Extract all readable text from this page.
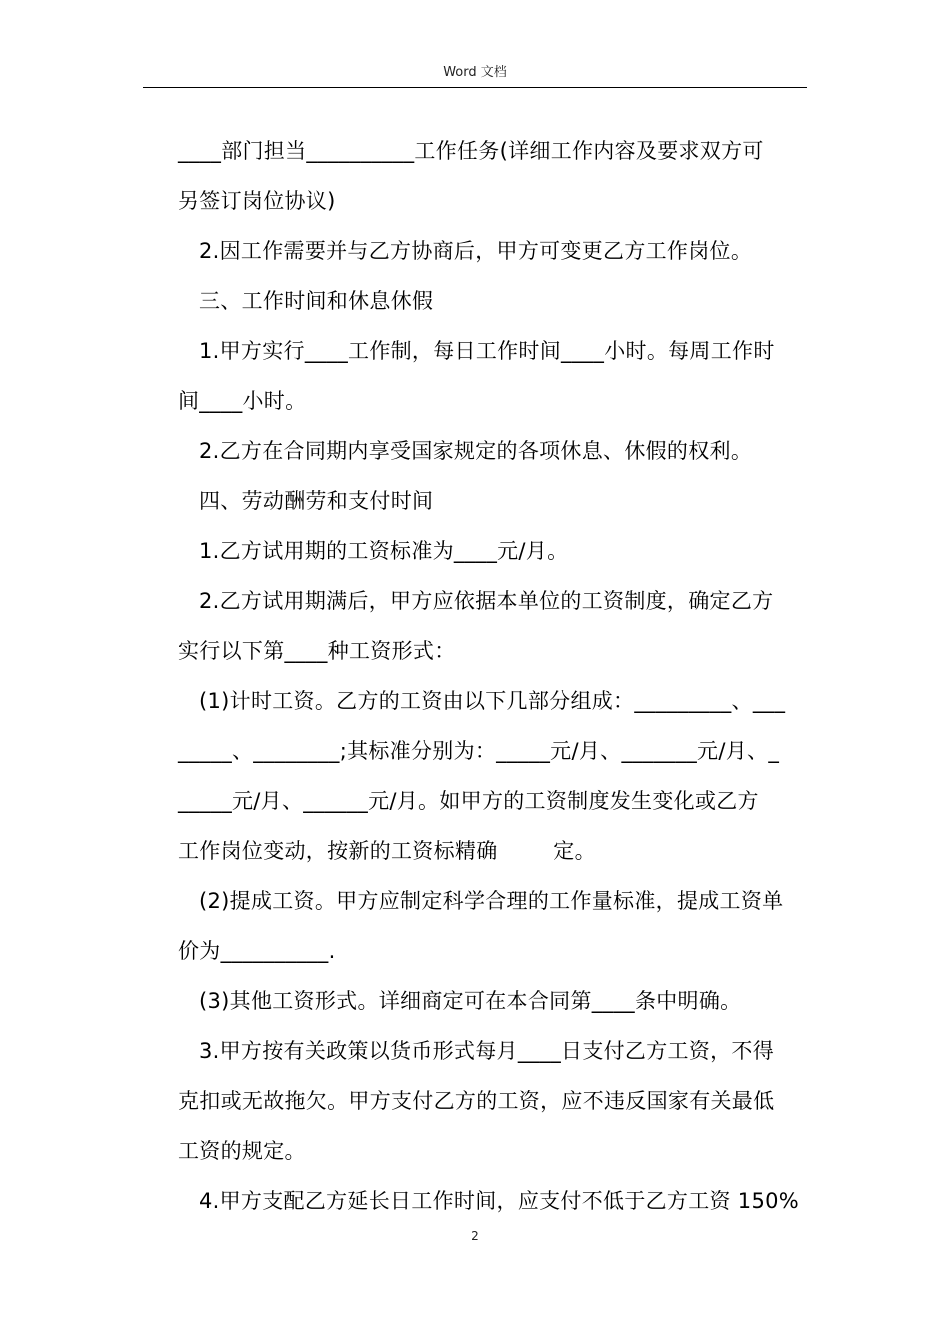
Word 文档
____部门担当__________工作任务(详细工作内容及要求双方可
另签订岗位协议)
2.因工作需要并与乙方协商后，甲方可变更乙方工作岗位。
三、工作时间和休息休假
1.甲方实行____工作制，每日工作时间____小时。每周工作时
间____小时。
2.乙方在合同期内享受国家规定的各项休息、休假的权利。
四、劳动酬劳和支付时间
1.乙方试用期的工资标准为____元/月。
2.乙方试用期满后，甲方应依据本单位的工资制度，确定乙方
实行以下第____种工资形式：
(1)计时工资。乙方的工资由以下几部分组成：_________、___
_____、________;其标准分别为：_____元/月、_______元/月、_
_____元/月、______元/月。如甲方的工资制度发生变化或乙方
工作岗位变动，按新的工资标精确        定。
(2)提成工资。甲方应制定科学合理的工作量标准，提成工资单
价为__________.
(3)其他工资形式。详细商定可在本合同第____条中明确。
3.甲方按有关政策以货币形式每月____日支付乙方工资，不得
克扣或无故拖欠。甲方支付乙方的工资，应不违反国家有关最低
工资的规定。
4.甲方支配乙方延长日工作时间，应支付不低于乙方工资 150%
2
